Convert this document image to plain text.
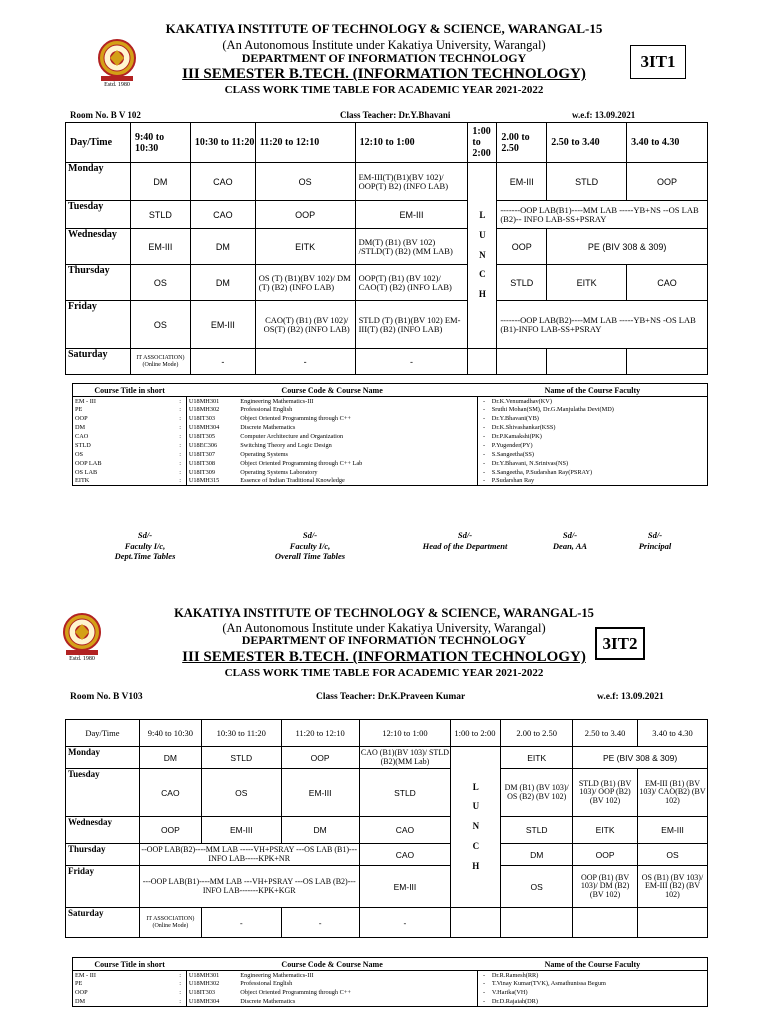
Estd. 1980
Estd. 1980
KAKATIYA INSTITUTE OF TECHNOLOGY & SCIENCE, WARANGAL-15
(An Autonomous Institute under Kakatiya University, Warangal)
DEPARTMENT OF INFORMATION TECHNOLOGY
III SEMESTER B.TECH. (INFORMATION TECHNOLOGY)
CLASS WORK TIME TABLE FOR ACADEMIC YEAR 2021-2022
3IT1
Room No. B V 102	Class Teacher: Dr.Y.Bhavani	w.e.f: 13.09.2021
Day/Time	9:40 to 10:30	10:30 to 11:20	11:20 to 12:10	12:10 to 1:00	1:00 to 2:00	2.00 to 2.50	2.50 to 3.40	3.40 to 4.30
Monday	DM	CAO	OS	EM-III(T)(B1)(BV 102)/ OOP(T) B2) (INFO LAB)	L U N C H	EM-III	STLD	OOP
Tuesday	STLD	CAO	OOP	EM-III		-------OOP LAB(B1)----MM LAB -----YB+NS --OS LAB (B2)-- INFO LAB-SS+PSRAY		
Wednesday	EM-III	DM	EITK	DM(T) (B1) (BV 102) /STLD(T) (B2) (MM LAB)		OOP	PE (BIV 308 & 309)	
Thursday	OS	DM	OS (T) (B1)(BV 102)/ DM (T) (B2) (INFO LAB)	OOP(T) (B1) (BV 102)/ CAO(T) (B2) (INFO LAB)		STLD	EITK	CAO
Friday	OS	EM-III	CAO(T) (B1) (BV 102)/ OS(T) (B2) (INFO LAB)	STLD (T) (B1)(BV 102) EM-III(T) (B2) (INFO LAB)		-------OOP LAB(B2)----MM LAB -----YB+NS -OS LAB (B1)-INFO LAB-SS+PSRAY		
Saturday	IT ASSOCIATION) (Online Mode)	-	-	-				
Course Title in short		Course Code & Course Name		Name of the Course Faculty	
EM - III	:	U18MH301	Engineering Mathematics-III	-	Dr.K.Venumadhav(KV)
PE	:	U18MH302	Professional English	-	Sruthi Mohan(SM), Dr.G.Manjulatha Devi(MD)
OOP	:	U18IT303	Object Oriented Programming through C++	-	Dr.Y.Bhavani(YB)
DM	:	U18MH304	Discrete Mathematics	-	Dr.K.Shivashankar(KSS)
CAO	:	U18IT305	Computer Architecture and Organization	-	Dr.P.Kamakshi(PK)
STLD	:	U18EC306	Switching Theory and Logic Design	-	P.Yugender(PY)
OS	:	U18IT307	Operating Systems	-	S.Sangeetha(SS)
OOP LAB	:	U18IT308	Object Oriented Programming through C++ Lab	-	Dr.Y.Bhavani, N.Srinivas(NS)
OS LAB	:	U18IT309	Operating Systems Laboratory	-	S.Sangeetha, P.Sudarshan Ray(PSRAY)
EITK	:	U18MH315	Essence of Indian Traditional Knowledge	-	P.Sudarshan Ray
Sd/-
Faculty I/c,
Dept.Time Tables
Sd/-
Faculty I/c,
Overall Time Tables
Sd/-
Head of the Department
Sd/-
Dean, AA
Sd/-
Principal
KAKATIYA INSTITUTE OF TECHNOLOGY & SCIENCE, WARANGAL-15
(An Autonomous Institute under Kakatiya University, Warangal)
DEPARTMENT OF INFORMATION TECHNOLOGY
III SEMESTER B.TECH. (INFORMATION TECHNOLOGY)
CLASS WORK TIME TABLE FOR ACADEMIC YEAR 2021-2022
3IT2
Room No. B V103	Class Teacher: Dr.K.Praveen Kumar	w.e.f: 13.09.2021
Day/Time	9:40 to 10:30	10:30 to 11:20	11:20 to 12:10	12:10 to 1:00	1:00 to 2:00	2.00 to 2.50	2.50 to 3.40	3.40 to 4.30
Monday	DM	STLD	OOP	CAO (B1)(BV 103)/ STLD (B2)(MM Lab)	L U N C H	EITK	PE (BIV 308 & 309)	
Tuesday	CAO	OS	EM-III	STLD		DM (B1) (BV 103)/ OS (B2) (BV 102)	STLD (B1) (BV 103)/ OOP (B2) (BV 102)	EM-III (B1) (BV 103)/ CAO(B2) (BV 102)
Wednesday	OOP	EM-III	DM	CAO		STLD	EITK	EM-III
Thursday	--OOP LAB(B2)----MM LAB -----VH+PSRAY ---OS LAB (B1)--- INFO LAB-----KPK+NR			CAO		DM	OOP	OS
Friday	---OOP LAB(B1)----MM LAB ---VH+PSRAY ---OS LAB (B2)--- INFO LAB-------KPK+KGR			EM-III		OS	OOP (B1) (BV 103)/ DM (B2) (BV 102)	OS (B1) (BV 103)/ EM-III (B2) (BV 102)
Saturday	IT ASSOCIATION) (Online Mode)	-	-	-				
Course Title in short		Course Code & Course Name		Name of the Course Faculty	
EM - III	:	U18MH301	Engineering Mathematics-III	-	Dr.R.Ramesh(RR)
PE	:	U18MH302	Professional English	-	T.Vinay Kumar(TVK), Asmathunissa Begum
OOP	:	U18IT303	Object Oriented Programming through C++	-	V.Harika(VH)
DM	:	U18MH304	Discrete Mathematics	-	Dr.D.Rajaiah(DR)
